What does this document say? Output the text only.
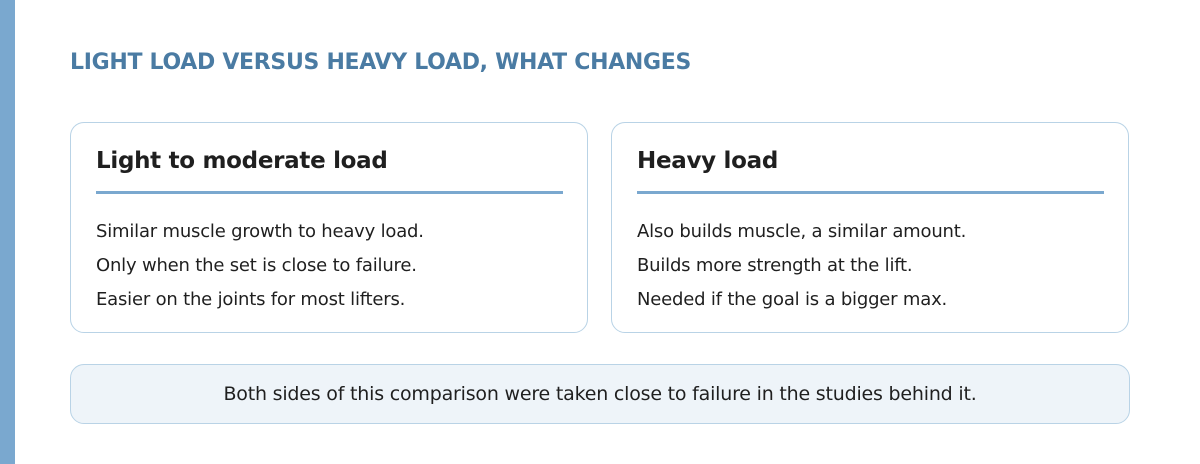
LIGHT LOAD VERSUS HEAVY LOAD, WHAT CHANGES
Light to moderate load
Similar muscle growth to heavy load.
Only when the set is close to failure.
Easier on the joints for most lifters.
Heavy load
Also builds muscle, a similar amount.
Builds more strength at the lift.
Needed if the goal is a bigger max.
Both sides of this comparison were taken close to failure in the studies behind it.
